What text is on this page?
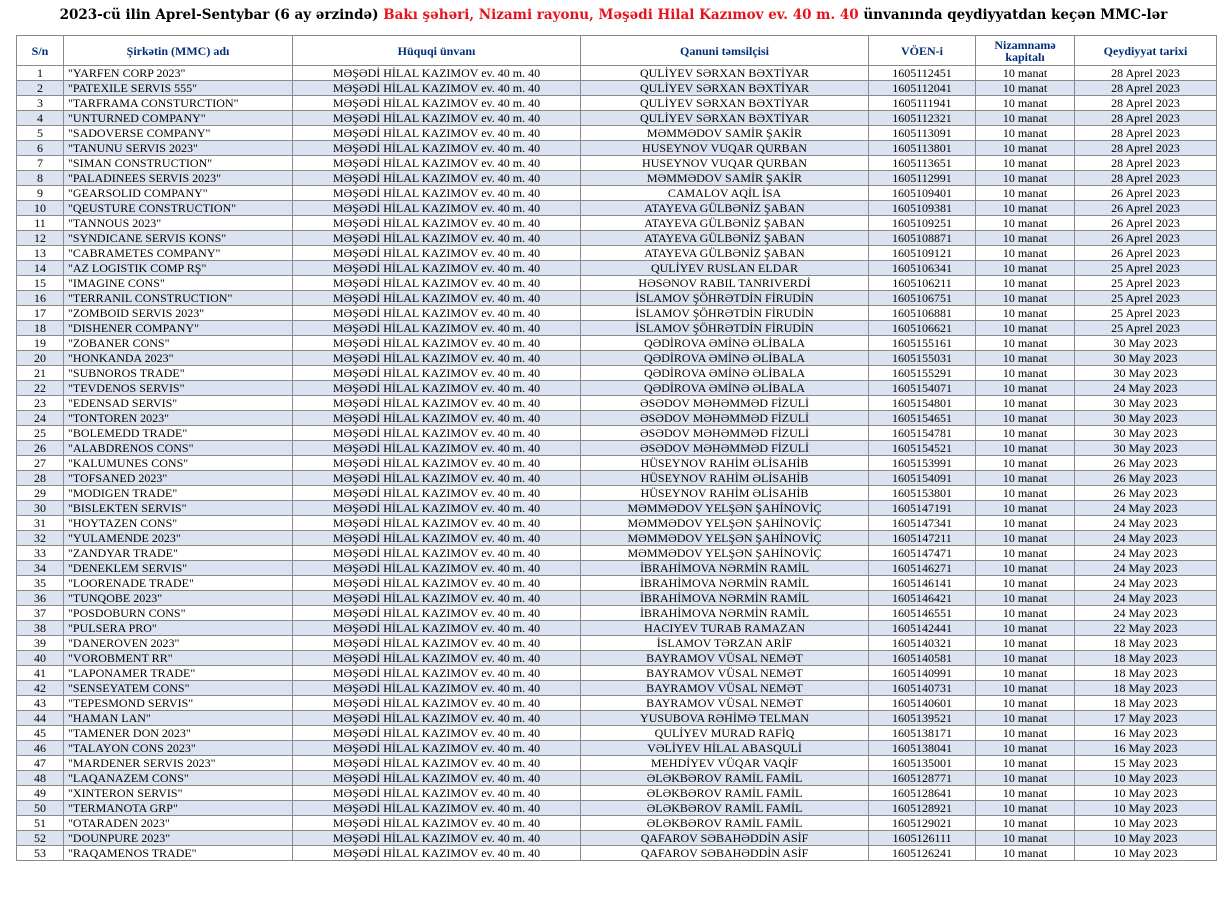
2023-cü ilin Aprel-Sentybar (6 ay ərzində) Bakı şəhəri, Nizami rayonu, Məşədi Hilal Kazımov ev. 40 m. 40 ünvanında qeydiyyatdan keçən MMC-lər
S/n	Şirkətin (MMC) adı	Hüquqi ünvanı	Qanuni təmsilçisi	VÖEN-i	Nizamnamə kapitalı	Qeydiyyat tarixi
1	"YARFEN CORP 2023"	MƏŞƏDİ HİLAL KAZIMOV ev. 40 m. 40	QULİYEV SƏRXAN BƏXTİYAR	1605112451	10 manat	28 Aprel 2023
2	"PATEXILE SERVIS 555"	MƏŞƏDİ HİLAL KAZIMOV ev. 40 m. 40	QULİYEV SƏRXAN BƏXTİYAR	1605112041	10 manat	28 Aprel 2023
3	"TARFRAMA CONSTURCTION"	MƏŞƏDİ HİLAL KAZIMOV ev. 40 m. 40	QULİYEV SƏRXAN BƏXTİYAR	1605111941	10 manat	28 Aprel 2023
4	"UNTURNED COMPANY"	MƏŞƏDİ HİLAL KAZIMOV ev. 40 m. 40	QULİYEV SƏRXAN BƏXTİYAR	1605112321	10 manat	28 Aprel 2023
5	"SADOVERSE COMPANY"	MƏŞƏDİ HİLAL KAZIMOV ev. 40 m. 40	MƏMMƏDOV SAMİR ŞAKİR	1605113091	10 manat	28 Aprel 2023
6	"TANUNU SERVIS 2023"	MƏŞƏDİ HİLAL KAZIMOV ev. 40 m. 40	HUSEYNOV VUQAR QURBAN	1605113801	10 manat	28 Aprel 2023
7	"SIMAN CONSTRUCTION"	MƏŞƏDİ HİLAL KAZIMOV ev. 40 m. 40	HUSEYNOV VUQAR QURBAN	1605113651	10 manat	28 Aprel 2023
8	"PALADINEES SERVIS 2023"	MƏŞƏDİ HİLAL KAZIMOV ev. 40 m. 40	MƏMMƏDOV SAMİR ŞAKİR	1605112991	10 manat	28 Aprel 2023
9	"GEARSOLID COMPANY"	MƏŞƏDİ HİLAL KAZIMOV ev. 40 m. 40	CAMALOV AQİL İSA	1605109401	10 manat	26 Aprel 2023
10	"QEUSTURE CONSTRUCTION"	MƏŞƏDİ HİLAL KAZIMOV ev. 40 m. 40	ATAYEVA GÜLBƏNİZ ŞABAN	1605109381	10 manat	26 Aprel 2023
11	"TANNOUS 2023"	MƏŞƏDİ HİLAL KAZIMOV ev. 40 m. 40	ATAYEVA GÜLBƏNİZ ŞABAN	1605109251	10 manat	26 Aprel 2023
12	"SYNDICANE SERVIS KONS"	MƏŞƏDİ HİLAL KAZIMOV ev. 40 m. 40	ATAYEVA GÜLBƏNİZ ŞABAN	1605108871	10 manat	26 Aprel 2023
13	"CABRAMETES COMPANY"	MƏŞƏDİ HİLAL KAZIMOV ev. 40 m. 40	ATAYEVA GÜLBƏNİZ ŞABAN	1605109121	10 manat	26 Aprel 2023
14	"AZ LOGISTIK COMP RŞ"	MƏŞƏDİ HİLAL KAZIMOV ev. 40 m. 40	QULİYEV RUSLAN ELDAR	1605106341	10 manat	25 Aprel 2023
15	"IMAGINE CONS"	MƏŞƏDİ HİLAL KAZIMOV ev. 40 m. 40	HƏSƏNOV RABIL TANRIVERDİ	1605106211	10 manat	25 Aprel 2023
16	"TERRANIL CONSTRUCTION"	MƏŞƏDİ HİLAL KAZIMOV ev. 40 m. 40	İSLAMOV ŞÖHRƏTDİN FİRUDİN	1605106751	10 manat	25 Aprel 2023
17	"ZOMBOID SERVIS 2023"	MƏŞƏDİ HİLAL KAZIMOV ev. 40 m. 40	İSLAMOV ŞÖHRƏTDİN FİRUDİN	1605106881	10 manat	25 Aprel 2023
18	"DISHENER COMPANY"	MƏŞƏDİ HİLAL KAZIMOV ev. 40 m. 40	İSLAMOV ŞÖHRƏTDİN FİRUDİN	1605106621	10 manat	25 Aprel 2023
19	"ZOBANER CONS"	MƏŞƏDİ HİLAL KAZIMOV ev. 40 m. 40	QƏDİROVA ƏMİNƏ ƏLİBALA	1605155161	10 manat	30 May 2023
20	"HONKANDA 2023"	MƏŞƏDİ HİLAL KAZIMOV ev. 40 m. 40	QƏDİROVA ƏMİNƏ ƏLİBALA	1605155031	10 manat	30 May 2023
21	"SUBNOROS TRADE"	MƏŞƏDİ HİLAL KAZIMOV ev. 40 m. 40	QƏDİROVA ƏMİNƏ ƏLİBALA	1605155291	10 manat	30 May 2023
22	"TEVDENOS SERVIS"	MƏŞƏDİ HİLAL KAZIMOV ev. 40 m. 40	QƏDİROVA ƏMİNƏ ƏLİBALA	1605154071	10 manat	24 May 2023
23	"EDENSAD SERVIS"	MƏŞƏDİ HİLAL KAZIMOV ev. 40 m. 40	ƏSƏDOV MƏHƏMMƏD FİZULİ	1605154801	10 manat	30 May 2023
24	"TONTOREN 2023"	MƏŞƏDİ HİLAL KAZIMOV ev. 40 m. 40	ƏSƏDOV MƏHƏMMƏD FİZULİ	1605154651	10 manat	30 May 2023
25	"BOLEMEDD TRADE"	MƏŞƏDİ HİLAL KAZIMOV ev. 40 m. 40	ƏSƏDOV MƏHƏMMƏD FİZULİ	1605154781	10 manat	30 May 2023
26	"ALABDRENOS CONS"	MƏŞƏDİ HİLAL KAZIMOV ev. 40 m. 40	ƏSƏDOV MƏHƏMMƏD FİZULİ	1605154521	10 manat	30 May 2023
27	"KALUMUNES CONS"	MƏŞƏDİ HİLAL KAZIMOV ev. 40 m. 40	HÜSEYNOV RAHİM ƏLİSAHİB	1605153991	10 manat	26 May 2023
28	"TOFSANED 2023"	MƏŞƏDİ HİLAL KAZIMOV ev. 40 m. 40	HÜSEYNOV RAHİM ƏLİSAHİB	1605154091	10 manat	26 May 2023
29	"MODIGEN TRADE"	MƏŞƏDİ HİLAL KAZIMOV ev. 40 m. 40	HÜSEYNOV RAHİM ƏLİSAHİB	1605153801	10 manat	26 May 2023
30	"BISLEKTEN SERVIS"	MƏŞƏDİ HİLAL KAZIMOV ev. 40 m. 40	MƏMMƏDOV YELŞƏN ŞAHİNOVİÇ	1605147191	10 manat	24 May 2023
31	"HOYTAZEN CONS"	MƏŞƏDİ HİLAL KAZIMOV ev. 40 m. 40	MƏMMƏDOV YELŞƏN ŞAHİNOVİÇ	1605147341	10 manat	24 May 2023
32	"YULAMENDE 2023"	MƏŞƏDİ HİLAL KAZIMOV ev. 40 m. 40	MƏMMƏDOV YELŞƏN ŞAHİNOVİÇ	1605147211	10 manat	24 May 2023
33	"ZANDYAR TRADE"	MƏŞƏDİ HİLAL KAZIMOV ev. 40 m. 40	MƏMMƏDOV YELŞƏN ŞAHİNOVİÇ	1605147471	10 manat	24 May 2023
34	"DENEKLEM SERVIS"	MƏŞƏDİ HİLAL KAZIMOV ev. 40 m. 40	İBRAHİMOVA NƏRMİN RAMİL	1605146271	10 manat	24 May 2023
35	"LOORENADE TRADE"	MƏŞƏDİ HİLAL KAZIMOV ev. 40 m. 40	İBRAHİMOVA NƏRMİN RAMİL	1605146141	10 manat	24 May 2023
36	"TUNQOBE 2023"	MƏŞƏDİ HİLAL KAZIMOV ev. 40 m. 40	İBRAHİMOVA NƏRMİN RAMİL	1605146421	10 manat	24 May 2023
37	"POSDOBURN CONS"	MƏŞƏDİ HİLAL KAZIMOV ev. 40 m. 40	İBRAHİMOVA NƏRMİN RAMİL	1605146551	10 manat	24 May 2023
38	"PULSERA PRO"	MƏŞƏDİ HİLAL KAZIMOV ev. 40 m. 40	HACIYEV TURAB RAMAZAN	1605142441	10 manat	22 May 2023
39	"DANEROVEN 2023"	MƏŞƏDİ HİLAL KAZIMOV ev. 40 m. 40	İSLAMOV TƏRZAN ARİF	1605140321	10 manat	18 May 2023
40	"VOROBMENT RR"	MƏŞƏDİ HİLAL KAZIMOV ev. 40 m. 40	BAYRAMOV VÜSAL NEMƏT	1605140581	10 manat	18 May 2023
41	"LAPONAMER TRADE"	MƏŞƏDİ HİLAL KAZIMOV ev. 40 m. 40	BAYRAMOV VÜSAL NEMƏT	1605140991	10 manat	18 May 2023
42	"SENSEYATEM CONS"	MƏŞƏDİ HİLAL KAZIMOV ev. 40 m. 40	BAYRAMOV VÜSAL NEMƏT	1605140731	10 manat	18 May 2023
43	"TEPESMOND SERVIS"	MƏŞƏDİ HİLAL KAZIMOV ev. 40 m. 40	BAYRAMOV VÜSAL NEMƏT	1605140601	10 manat	18 May 2023
44	"HAMAN LAN"	MƏŞƏDİ HİLAL KAZIMOV ev. 40 m. 40	YUSUBOVA RƏHİMƏ TELMAN	1605139521	10 manat	17 May 2023
45	"TAMENER DON 2023"	MƏŞƏDİ HİLAL KAZIMOV ev. 40 m. 40	QULİYEV MURAD RAFİQ	1605138171	10 manat	16 May 2023
46	"TALAYON CONS 2023"	MƏŞƏDİ HİLAL KAZIMOV ev. 40 m. 40	VƏLİYEV HİLAL ABASQULİ	1605138041	10 manat	16 May 2023
47	"MARDENER SERVIS 2023"	MƏŞƏDİ HİLAL KAZIMOV ev. 40 m. 40	MEHDİYEV VÜQAR VAQİF	1605135001	10 manat	15 May 2023
48	"LAQANAZEM CONS"	MƏŞƏDİ HİLAL KAZIMOV ev. 40 m. 40	ƏLƏKBƏROV RAMİL FAMİL	1605128771	10 manat	10 May 2023
49	"XINTERON SERVIS"	MƏŞƏDİ HİLAL KAZIMOV ev. 40 m. 40	ƏLƏKBƏROV RAMİL FAMİL	1605128641	10 manat	10 May 2023
50	"TERMANOTA GRP"	MƏŞƏDİ HİLAL KAZIMOV ev. 40 m. 40	ƏLƏKBƏROV RAMİL FAMİL	1605128921	10 manat	10 May 2023
51	"OTARADEN 2023"	MƏŞƏDİ HİLAL KAZIMOV ev. 40 m. 40	ƏLƏKBƏROV RAMİL FAMİL	1605129021	10 manat	10 May 2023
52	"DOUNPURE 2023"	MƏŞƏDİ HİLAL KAZIMOV ev. 40 m. 40	QAFAROV SƏBAHƏDDİN ASİF	1605126111	10 manat	10 May 2023
53	"RAQAMENOS TRADE"	MƏŞƏDİ HİLAL KAZIMOV ev. 40 m. 40	QAFAROV SƏBAHƏDDİN ASİF	1605126241	10 manat	10 May 2023
